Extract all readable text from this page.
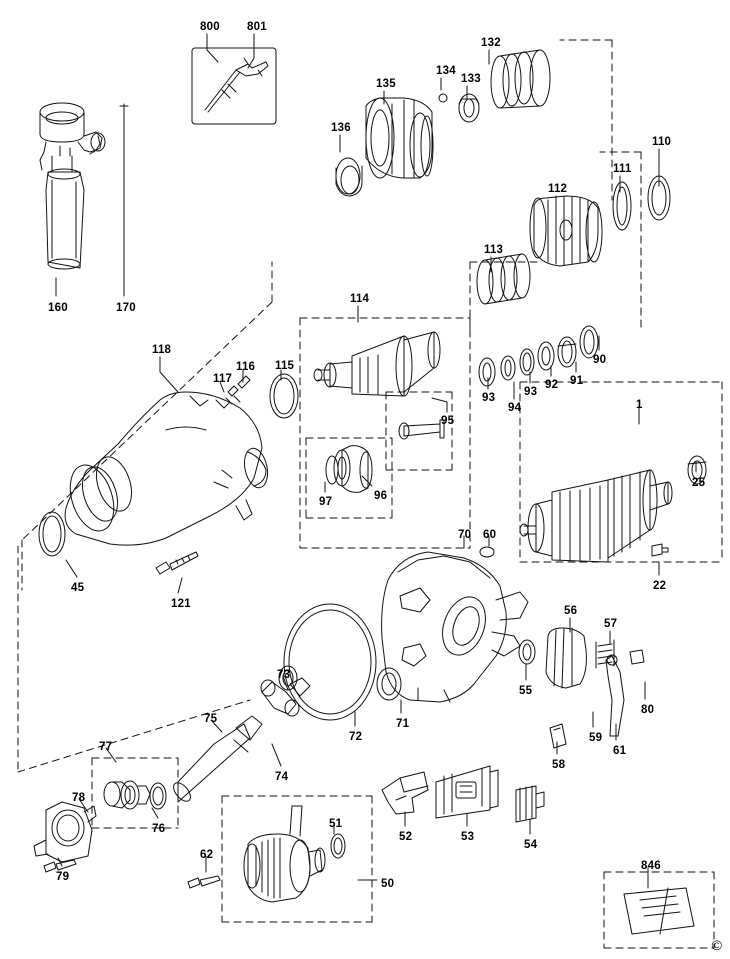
800 801
132
135
134
133
136
110
111
112
113
160	170
114
90
118
116 115
117	91
92
93
94
93
1
95
25
97	96
45
121
70 60
22
56
57
55
80
59
61
73
71
75
72
77
74
58
78
76
52	53
54
51
62
79
846
50
©
